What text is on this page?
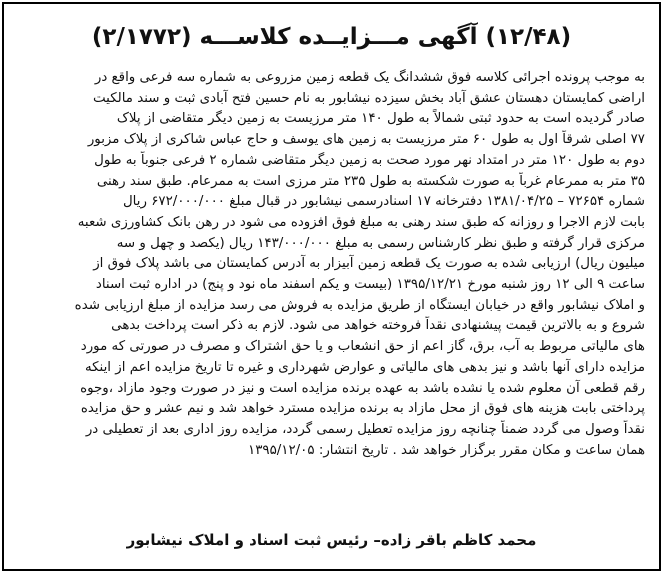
(۱۲/۴۸) آگهی مـــزایــده کلاســـه (۲/۱۷۷۲)
به موجب پرونده اجرائی کلاسه فوق ششدانگ یک قطعه زمین مزروعی به شماره سه فرعی واقع در
اراضی کمایستان دهستان عشق آباد بخش سیزده نیشابور به نام حسین فتح آبادی ثبت و سند مالکیت
صادر گردیده است به حدود ثبتی شمالاً به طول ۱۴۰ متر مرزیست به زمین دیگر متقاضی از پلاک
۷۷ اصلی شرقاً اول به طول ۶۰ متر مرزیست به زمین های یوسف و حاج عباس شاکری از پلاک مزبور
دوم به طول ۱۲۰ متر در امتداد نهر مورد صحت به زمین دیگر متقاضی شماره ۲ فرعی جنوباً به طول
۳۵ متر به ممرعام غرباً به صورت شکسته به طول ۲۳۵ متر مرزی است به ممرعام. طبق سند رهنی
شماره ۷۲۶۵۴ – ۱۳۸۱/۰۴/۲۵ دفترخانه ۱۷ اسنادرسمی نیشابور در قبال مبلغ ۶۷۲/۰۰۰/۰۰۰ ریال
بابت لازم الاجرا و روزانه که طبق سند رهنی به مبلغ فوق افزوده می شود در رهن بانک کشاورزی شعبه
مرکزی قرار گرفته و طبق نظر کارشناس رسمی به مبلغ ۱۴۳/۰۰۰/۰۰۰ ریال (یکصد و چهل و سه
میلیون ریال) ارزیابی شده به صورت یک قطعه زمین آبیزار به آدرس کمایستان می باشد پلاک فوق از
ساعت ۹ الی ۱۲ روز شنبه مورخ ۱۳۹۵/۱۲/۲۱ (بیست و یکم اسفند ماه نود و پنج) در اداره ثبت اسناد
و املاک نیشابور واقع در خیابان ایستگاه از طریق مزایده به فروش می رسد مزایده از مبلغ ارزیابی شده
شروع و به بالاترین قیمت پیشنهادی نقداً فروخته خواهد می شود. لازم به ذکر است پرداخت بدهی
های مالیاتی مربوط به آب، برق، گاز اعم از حق انشعاب و یا حق اشتراک و مصرف در صورتی که مورد
مزایده دارای آنها باشد و نیز بدهی های مالیاتی و عوارض شهرداری و غیره تا تاریخ مزایده اعم از اینکه
رقم قطعی آن معلوم شده یا نشده باشد به عهده برنده مزایده است و نیز در صورت وجود مازاد ،وجوه
پرداختی بابت هزینه های فوق از محل مازاد به برنده مزایده مسترد خواهد شد و نیم عشر و حق مزایده
نقداً وصول می گردد ضمناً چنانچه روز مزایده تعطیل رسمی گردد، مزایده روز اداری بعد از تعطیلی در
همان ساعت و مکان مقرر برگزار خواهد شد . تاریخ انتشار: ۱۳۹۵/۱۲/۰۵
محمد کاظم باقر زاده– رئیس ثبت اسناد و املاک نیشابور
